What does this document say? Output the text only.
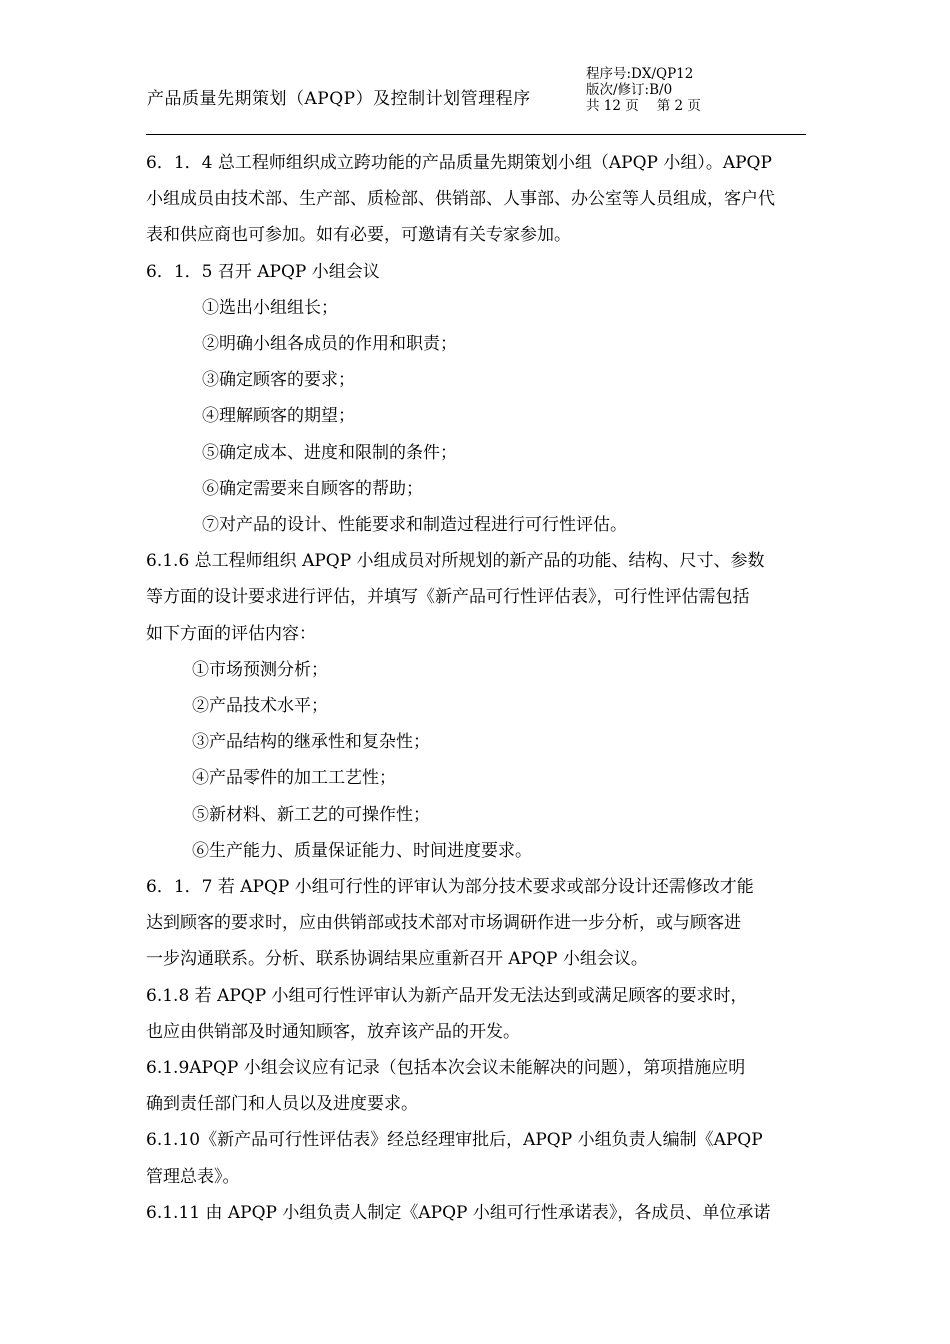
产品质量先期策划（APQP）及控制计划管理程序
程序号:DX/QP12
版次/修订:B/0
共 12 页 第 2 页
6．1．4 总工程师组织成立跨功能的产品质量先期策划小组（APQP 小组）。APQP
小组成员由技术部、生产部、质检部、供销部、人事部、办公室等人员组成，客户代
表和供应商也可参加。如有必要，可邀请有关专家参加。
6．1．5 召开 APQP 小组会议
①选出小组组长；
②明确小组各成员的作用和职责；
③确定顾客的要求；
④理解顾客的期望；
⑤确定成本、进度和限制的条件；
⑥确定需要来自顾客的帮助；
⑦对产品的设计、性能要求和制造过程进行可行性评估。
6.1.6 总工程师组织 APQP 小组成员对所规划的新产品的功能、结构、尺寸、参数
等方面的设计要求进行评估，并填写《新产品可行性评估表》，可行性评估需包括
如下方面的评估内容：
①市场预测分析；
②产品技术水平；
③产品结构的继承性和复杂性；
④产品零件的加工工艺性；
⑤新材料、新工艺的可操作性；
⑥生产能力、质量保证能力、时间进度要求。
6．1．7 若 APQP 小组可行性的评审认为部分技术要求或部分设计还需修改才能
达到顾客的要求时，应由供销部或技术部对市场调研作进一步分析，或与顾客进
一步沟通联系。分析、联系协调结果应重新召开 APQP 小组会议。
6.1.8 若 APQP 小组可行性评审认为新产品开发无法达到或满足顾客的要求时，
也应由供销部及时通知顾客，放弃该产品的开发。
6.1.9APQP 小组会议应有记录（包括本次会议未能解决的问题），第项措施应明
确到责任部门和人员以及进度要求。
6.1.10《新产品可行性评估表》经总经理审批后，APQP 小组负责人编制《APQP
管理总表》。
6.1.11 由 APQP 小组负责人制定《APQP 小组可行性承诺表》，各成员、单位承诺
